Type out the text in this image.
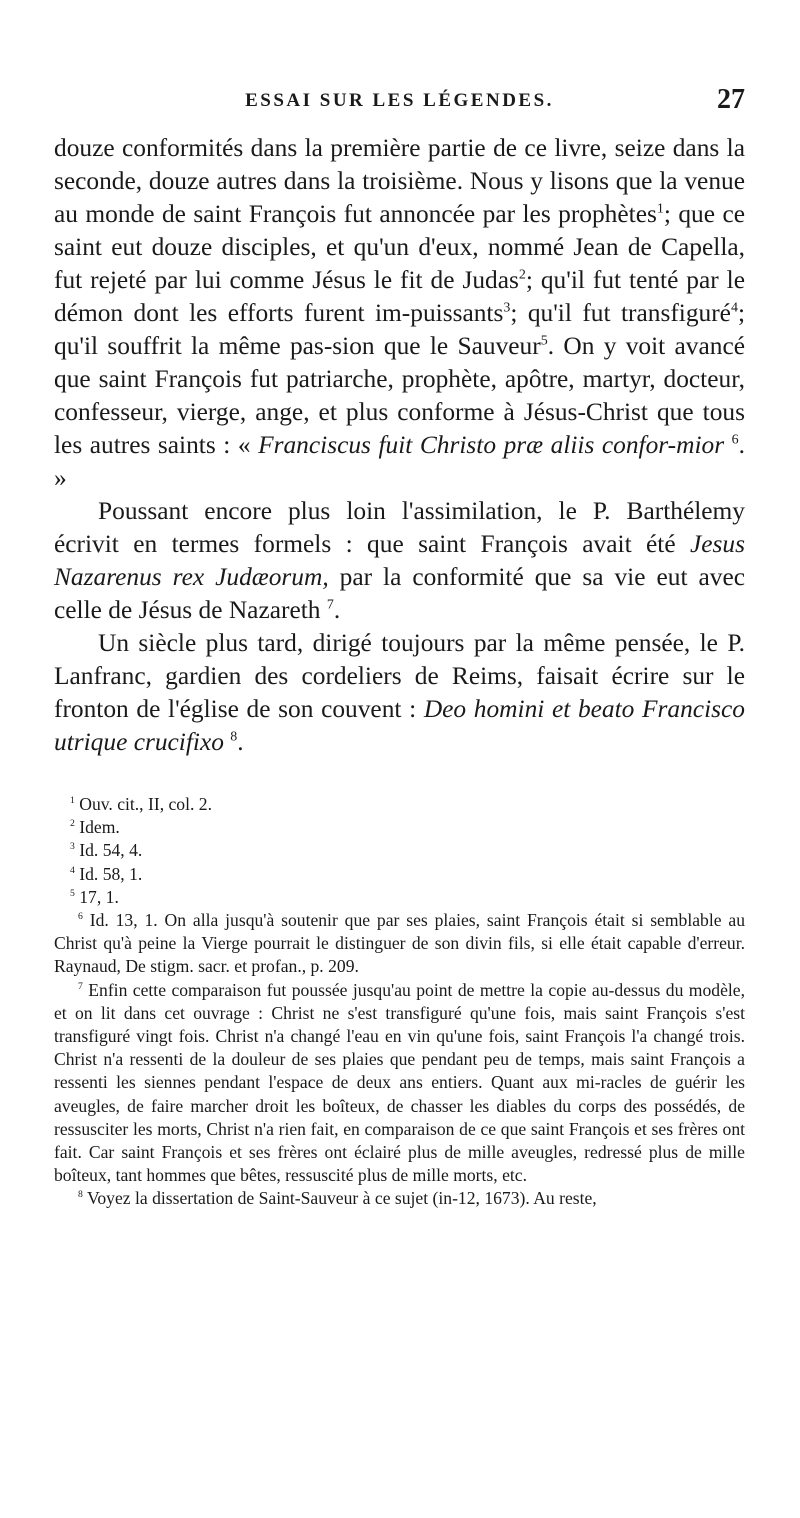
ESSAI SUR LES LÉGENDES.	27

douze conformités dans la première partie de ce livre, seize dans la seconde, douze autres dans la troisième. Nous y lisons que la venue au monde de saint François fut annoncée par les prophètes$^1$; que ce saint eut douze disciples, et qu'un d'eux, nommé Jean de Capella, fut rejeté par lui comme Jésus le fit de Judas$^2$; qu'il fut tenté par le démon dont les efforts furent im-puissants$^3$; qu'il fut transfiguré$^4$; qu'il souffrit la même pas-sion que le Sauveur$^5$. On y voit avancé que saint François fut patriarche, prophète, apôtre, martyr, docteur, confesseur, vierge, ange, et plus conforme à Jésus-Christ que tous les autres saints : « Franciscus fuit Christo præ aliis confor-mior $^6$. »

Poussant encore plus loin l'assimilation, le P. Barthélemy écrivit en termes formels : que saint François avait été Jesus Nazarenus rex Judæorum, par la conformité que sa vie eut avec celle de Jésus de Nazareth $^7$.

Un siècle plus tard, dirigé toujours par la même pensée, le P. Lanfranc, gardien des cordeliers de Reims, faisait écrire sur le fronton de l'église de son couvent : Deo homini et beato Francisco utrique crucifixo $^8$.

$^1$ Ouv. cit., II, col. 2.

$^2$ Idem.

$^3$ Id. 54, 4.

$^4$ Id. 58, 1.

$^5$ 17, 1.

$^6$ Id. 13, 1. On alla jusqu'à soutenir que par ses plaies, saint François était si semblable au Christ qu'à peine la Vierge pourrait le distinguer de son divin fils, si elle était capable d'erreur. Raynaud, De stigm. sacr. et profan., p. 209.

$^7$ Enfin cette comparaison fut poussée jusqu'au point de mettre la copie au-dessus du modèle, et on lit dans cet ouvrage : Christ ne s'est transfiguré qu'une fois, mais saint François s'est transfiguré vingt fois. Christ n'a changé l'eau en vin qu'une fois, saint François l'a changé trois. Christ n'a ressenti de la douleur de ses plaies que pendant peu de temps, mais saint François a ressenti les siennes pendant l'espace de deux ans entiers. Quant aux mi-racles de guérir les aveugles, de faire marcher droit les boîteux, de chasser les diables du corps des possédés, de ressusciter les morts, Christ n'a rien fait, en comparaison de ce que saint François et ses frères ont fait. Car saint François et ses frères ont éclairé plus de mille aveugles, redressé plus de mille boîteux, tant hommes que bêtes, ressuscité plus de mille morts, etc.

$^8$ Voyez la dissertation de Saint-Sauveur à ce sujet (in-12, 1673). Au reste,
